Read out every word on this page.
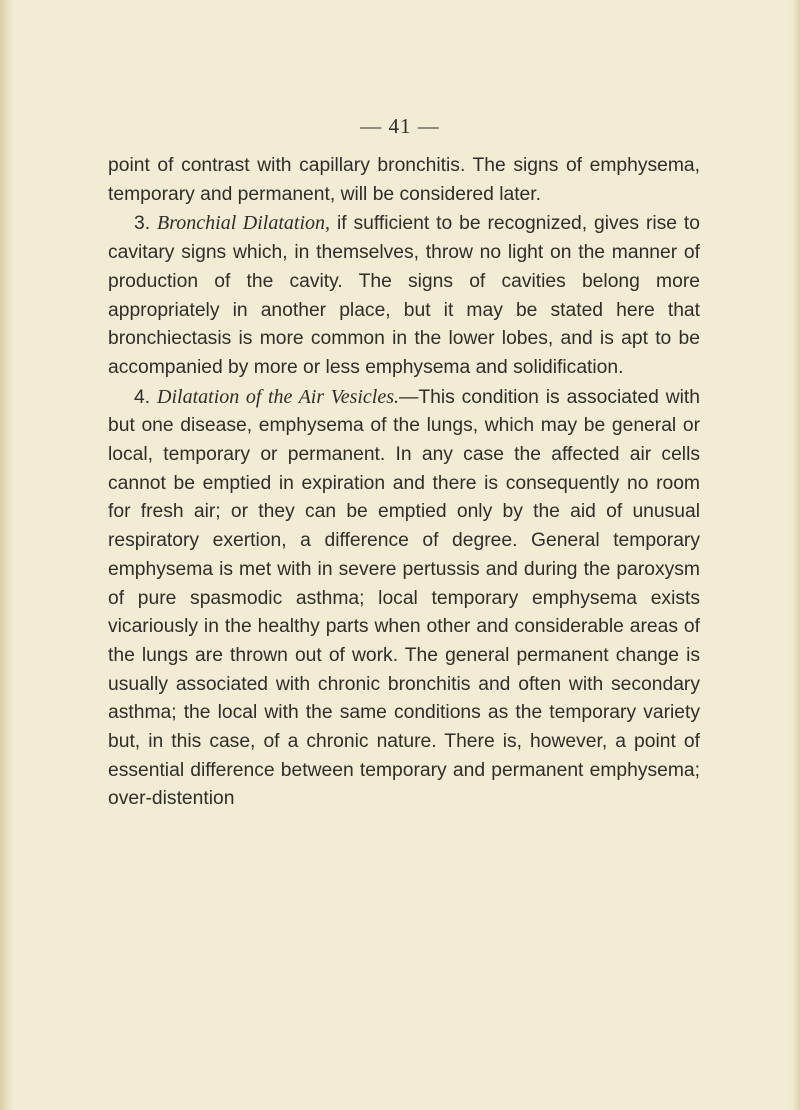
— 41 —

point of contrast with capillary bronchitis. The signs of emphysema, temporary and permanent, will be considered later.

3. Bronchial Dilatation, if sufficient to be recognized, gives rise to cavitary signs which, in themselves, throw no light on the manner of production of the cavity. The signs of cavities belong more appropriately in another place, but it may be stated here that bronchiectasis is more common in the lower lobes, and is apt to be accompanied by more or less emphysema and solidification.

4. Dilatation of the Air Vesicles.—This condition is associated with but one disease, emphysema of the lungs, which may be general or local, temporary or permanent. In any case the affected air cells cannot be emptied in expiration and there is consequently no room for fresh air; or they can be emptied only by the aid of unusual respiratory exertion, a difference of degree. General temporary emphysema is met with in severe pertussis and during the paroxysm of pure spasmodic asthma; local temporary emphysema exists vicariously in the healthy parts when other and considerable areas of the lungs are thrown out of work. The general permanent change is usually associated with chronic bronchitis and often with secondary asthma; the local with the same conditions as the temporary variety but, in this case, of a chronic nature. There is, however, a point of essential difference between temporary and permanent emphysema; over-distention
